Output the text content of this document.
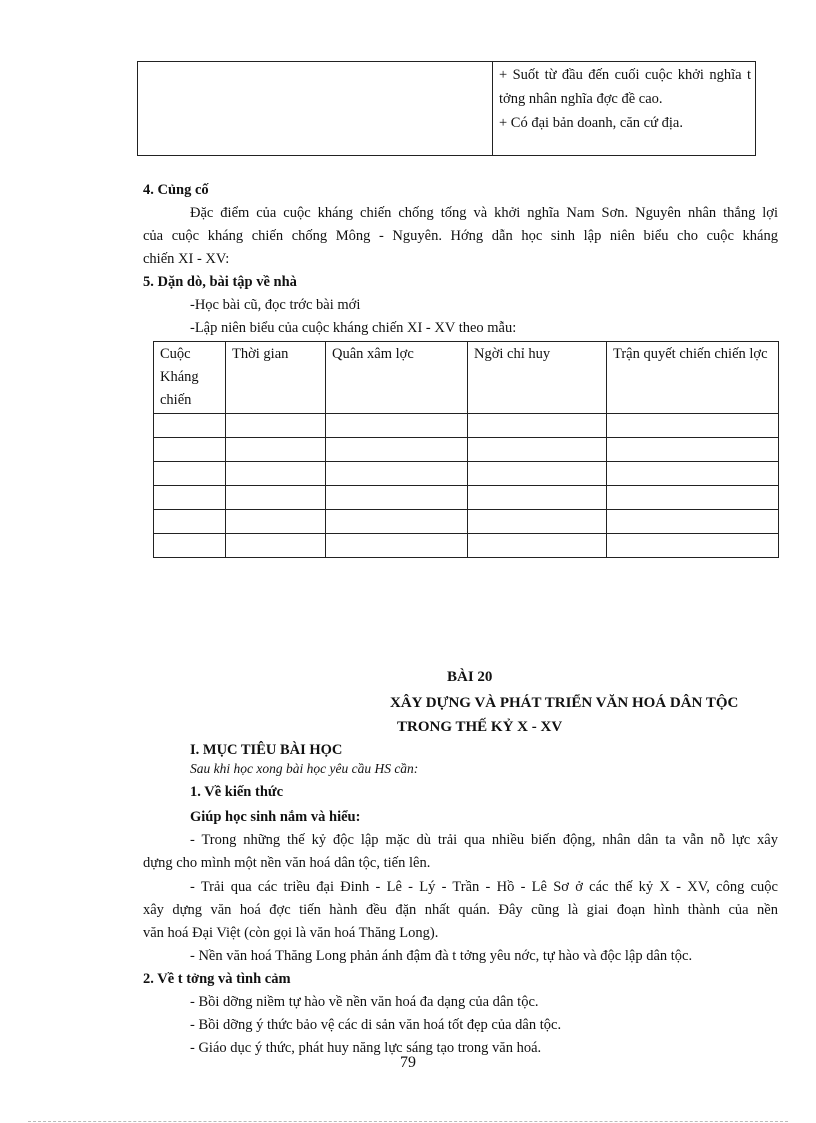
+ Suốt từ đầu đến cuối cuộc khởi nghĩa t tởng nhân nghĩa đợc đề cao.

+ Có đại bản doanh, căn cứ địa.

4. Củng cố

Đặc điểm của cuộc kháng chiến chống tống và khởi nghĩa Nam Sơn. Nguyên nhân thắng lợi

của cuộc kháng chiến chống Mông - Nguyên. Hớng dẫn học sinh lập niên biểu cho cuộc kháng

chiến XI - XV:

5. Dặn dò, bài tập về nhà

-Học bài cũ, đọc trớc bài mới

-Lập niên biểu của cuộc kháng chiến XI - XV theo mẫu:

Cuộc Kháng chiến	Thời gian	Quân xâm lợc	Ngời chỉ huy	Trận quyết chiến chiến lợc

BÀI 20

XÂY DỰNG VÀ PHÁT TRIỂN VĂN HOÁ DÂN TỘC

TRONG THẾ KỶ X - XV

I. MỤC TIÊU BÀI HỌC

Sau khi học xong bài học yêu cầu HS cần:

1. Về kiến thức

Giúp học sinh nắm và hiểu:

- Trong những thế kỷ độc lập mặc dù trải qua nhiều biến động, nhân dân ta vẫn nỗ lực xây

dựng cho mình một nền văn hoá dân tộc, tiến lên.

- Trải qua các triều đại Đinh - Lê - Lý - Trần - Hồ - Lê Sơ ở các thế kỷ X - XV, công cuộc

xây dựng văn hoá đợc tiến hành đều đặn nhất quán. Đây cũng là giai đoạn hình thành của nền

văn hoá Đại Việt (còn gọi là văn hoá Thăng Long).

- Nền văn hoá Thăng Long phản ánh đậm đà t tởng yêu nớc, tự hào và độc lập dân tộc.

2. Về t tởng và tình cảm

- Bồi dỡng niềm tự hào về nền văn hoá đa dạng của dân tộc.

- Bồi dỡng ý thức bảo vệ các di sản văn hoá tốt đẹp của dân tộc.

- Giáo dục ý thức, phát huy năng lực sáng tạo trong văn hoá.

79
